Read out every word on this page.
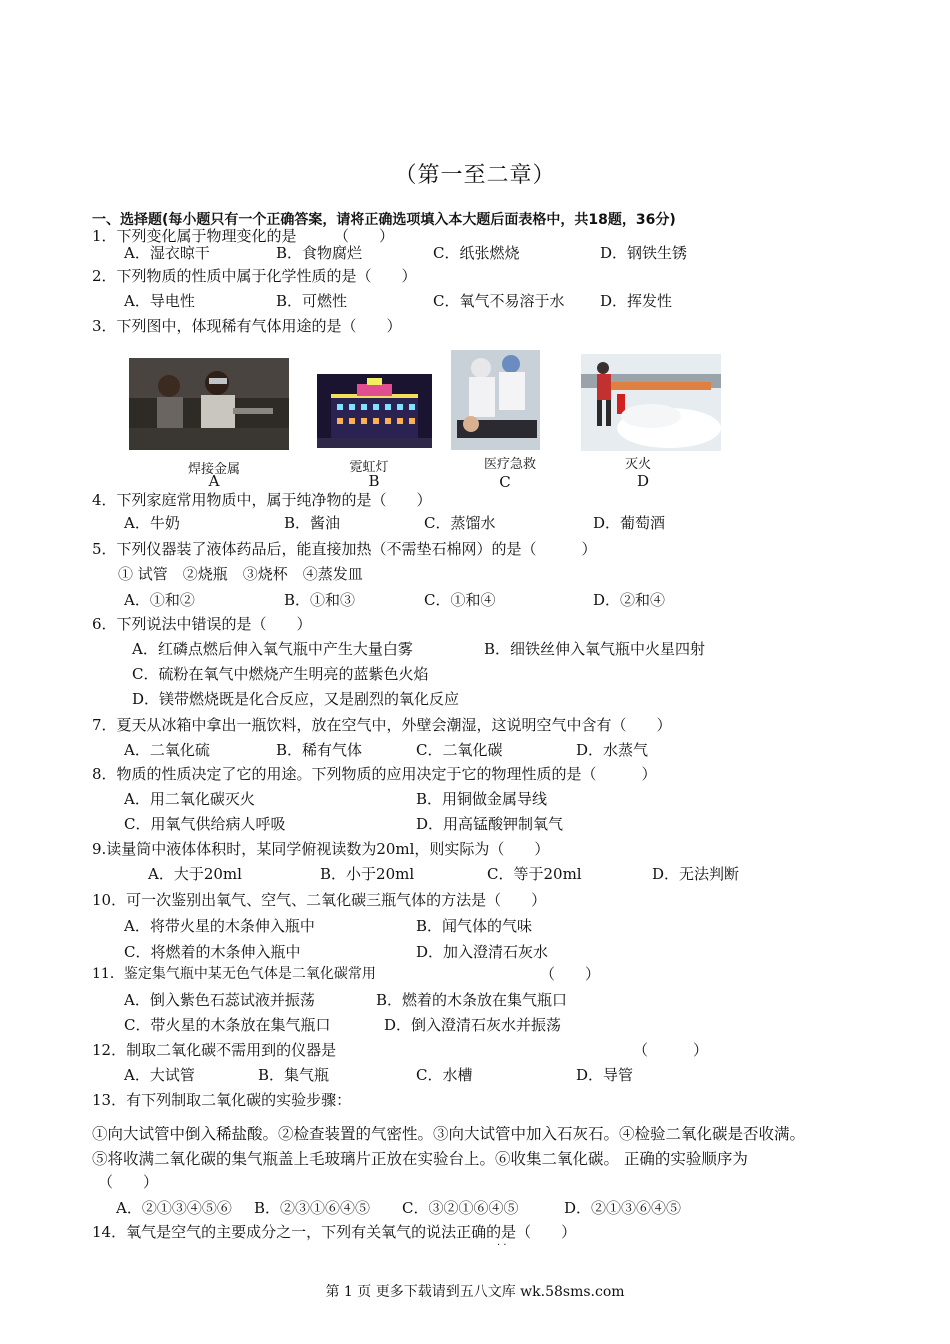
（第一至二章）
一、选择题(每小题只有一个正确答案，请将正确选项填入本大题后面表格中，共18题，36分)
1．下列变化属于物理变化的是　　　（　　）
A．湿衣晾干	B．食物腐烂	C．纸张燃烧	D．钢铁生锈
2．下列物质的性质中属于化学性质的是（　　）
A．导电性	B．可燃性	C．氧气不易溶于水 D．挥发性
3．下列图中，体现稀有气体用途的是（　　）
焊接金属
A
霓虹灯
B
医疗急救
C
灭火
D
4．下列家庭常用物质中，属于纯净物的是（　　）
A．牛奶	B．酱油	C．蒸馏水	D．葡萄酒
5．下列仪器装了液体药品后，能直接加热（不需垫石棉网）的是（　　　）
① 试管　②烧瓶　③烧杯　④蒸发皿
A．①和②	B．①和③	C．①和④	D．②和④
6．下列说法中错误的是（　　）
A．红磷点燃后伸入氧气瓶中产生大量白雾	B．细铁丝伸入氧气瓶中火星四射
C．硫粉在氧气中燃烧产生明亮的蓝紫色火焰
D．镁带燃烧既是化合反应，又是剧烈的氧化反应
7．夏天从冰箱中拿出一瓶饮料，放在空气中，外壁会潮湿，这说明空气中含有（　　）
A．二氧化硫	B．稀有气体	C．二氧化碳	D．水蒸气
8．物质的性质决定了它的用途。下列物质的应用决定于它的物理性质的是（　　　）
A．用二氧化碳灭火	B．用铜做金属导线
C．用氧气供给病人呼吸	D．用高锰酸钾制氧气
9.读量筒中液体体积时，某同学俯视读数为20ml，则实际为（　　）
A．大于20ml	B．小于20ml	C．等于20ml	D．无法判断
10．可一次鉴别出氧气、空气、二氧化碳三瓶气体的方法是（　　）
A．将带火星的木条伸入瓶中	B．闻气体的气味
C．将燃着的木条伸入瓶中	D．加入澄清石灰水
11．鉴定集气瓶中某无色气体是二氧化碳常用	（　　）
A．倒入紫色石蕊试液并振荡	B．燃着的木条放在集气瓶口
C．带火星的木条放在集气瓶口	D．倒入澄清石灰水并振荡
12．制取二氧化碳不需用到的仪器是	（　　　）
A．大试管	B．集气瓶	C．水槽	D．导管
13．有下列制取二氧化碳的实验步骤：
①向大试管中倒入稀盐酸。②检查装置的气密性。③向大试管中加入石灰石。④检验二氧化碳是否收满。
⑤将收满二氧化碳的集气瓶盖上毛玻璃片正放在实验台上。⑥收集二氧化碳。 正确的实验顺序为
（　　）
A．②①③④⑤⑥ B．②③①⑥④⑤ C．③②①⑥④⑤	D．②①③⑥④⑤
14．氧气是空气的主要成分之一，下列有关氧气的说法正确的是（　　）
· ·
第 1 页 更多下载请到五八文库 wk.58sms.com
